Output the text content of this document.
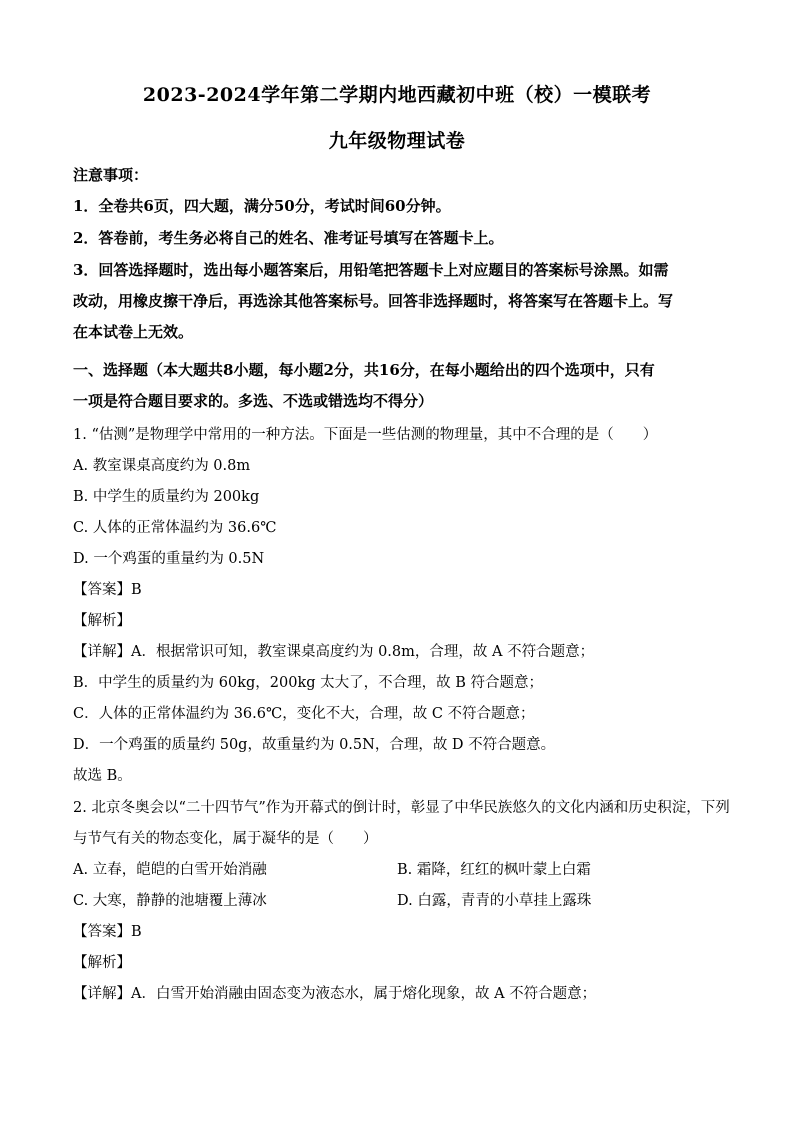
2023-2024学年第二学期内地西藏初中班（校）一模联考
九年级物理试卷
注意事项：
1．全卷共6页，四大题，满分50分，考试时间60分钟。
2．答卷前，考生务必将自己的姓名、准考证号填写在答题卡上。
3．回答选择题时，选出每小题答案后，用铅笔把答题卡上对应题目的答案标号涂黑。如需
改动，用橡皮擦干净后，再选涂其他答案标号。回答非选择题时，将答案写在答题卡上。写
在本试卷上无效。
一、选择题（本大题共8小题，每小题2分，共16分，在每小题给出的四个选项中，只有
一项是符合题目要求的。多选、不选或错选均不得分）
1. “估测”是物理学中常用的一种方法。下面是一些估测的物理量，其中不合理的是（　　）
A. 教室课桌高度约为 0.8m
B. 中学生的质量约为 200kg
C. 人体的正常体温约为 36.6℃
D. 一个鸡蛋的重量约为 0.5N
【答案】B
【解析】
【详解】A．根据常识可知，教室课桌高度约为 0.8m，合理，故 A 不符合题意；
B．中学生的质量约为 60kg，200kg 太大了，不合理，故 B 符合题意；
C．人体的正常体温约为 36.6℃，变化不大，合理，故 C 不符合题意；
D．一个鸡蛋的质量约 50g，故重量约为 0.5N，合理，故 D 不符合题意。
故选 B。
2. 北京冬奥会以“二十四节气”作为开幕式的倒计时，彰显了中华民族悠久的文化内涵和历史积淀，下列
与节气有关的物态变化，属于凝华的是（　　）
A. 立春，皑皑的白雪开始消融	B. 霜降，红红的枫叶蒙上白霜
C. 大寒，静静的池塘覆上薄冰	D. 白露，青青的小草挂上露珠
【答案】B
【解析】
【详解】A．白雪开始消融由固态变为液态水，属于熔化现象，故 A 不符合题意；
